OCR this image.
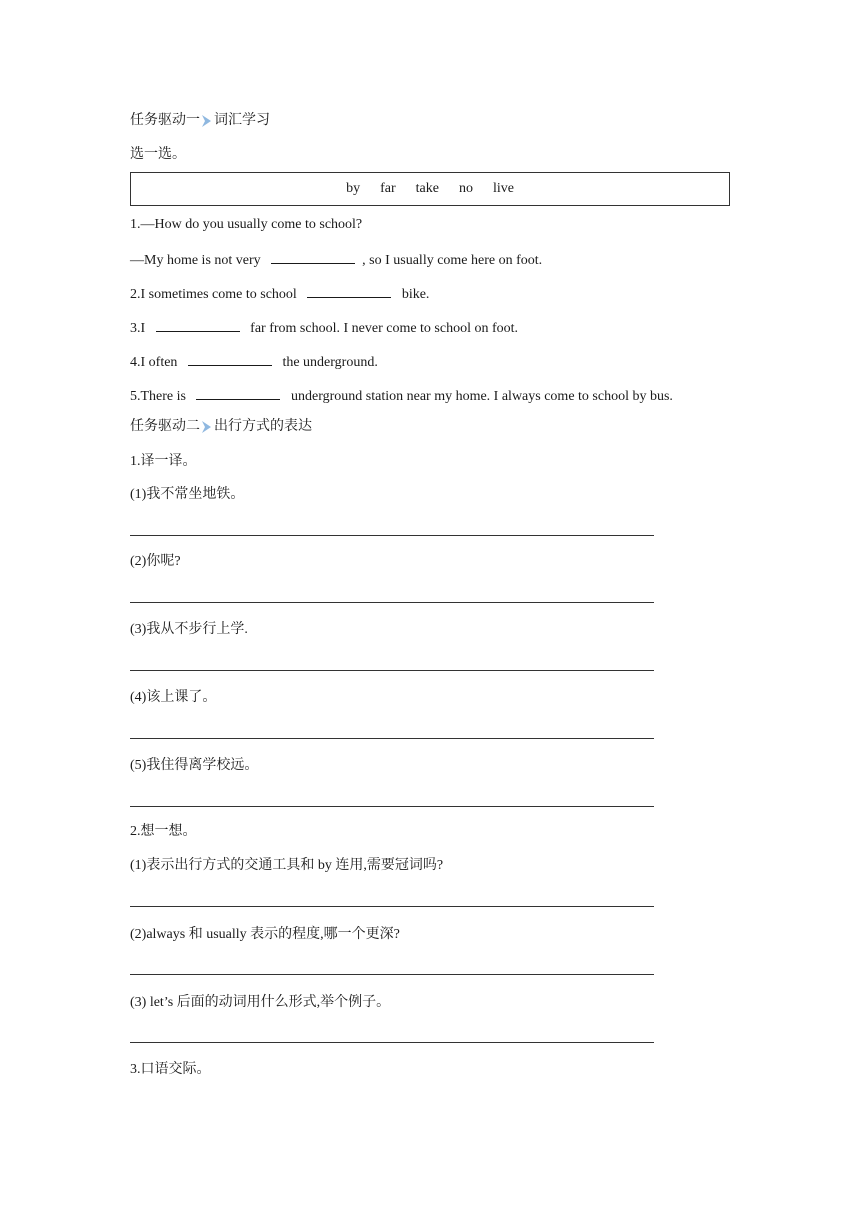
任务驱动一 词汇学习
选一选。
by far take no live
1.—How do you usually come to school?
—My home is not very	, so I usually come here on foot.
2.I sometimes come to school	bike.
3.I	far from school. I never come to school on foot.
4.I often	the underground.
5.There is	underground station near my home. I always come to school by bus.
任务驱动二 出行方式的表达
1.译一译。
(1)我不常坐地铁。
(2)你呢?
(3)我从不步行上学.
(4)该上课了。
(5)我住得离学校远。
2.想一想。
(1)表示出行方式的交通工具和 by 连用,需要冠词吗?
(2)always 和 usually 表示的程度,哪一个更深?
(3) let’s 后面的动词用什么形式,举个例子。
3.口语交际。
